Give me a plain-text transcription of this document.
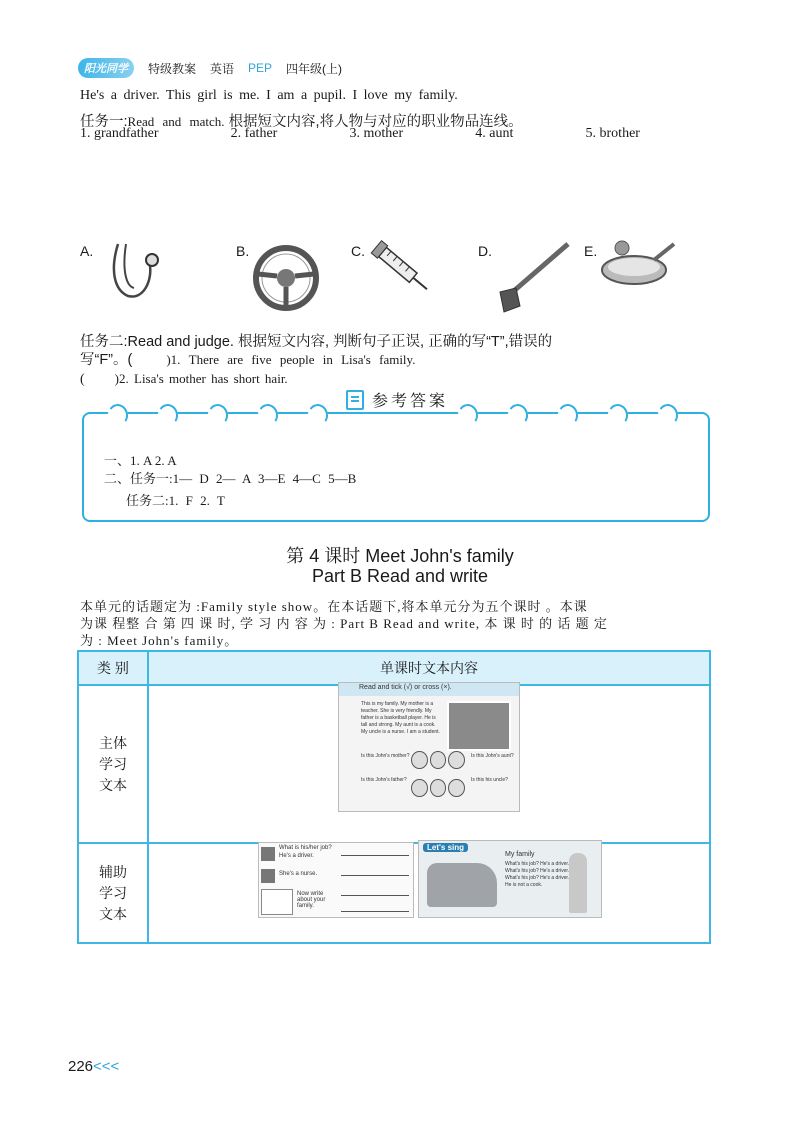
阳光同学	特级教案 英语 PEP 四年级(上)
He's a driver. This girl is me. I am a pupil. I love my family.
任务一:Read and match. 根据短文内容,将人物与对应的职业物品连线。
1. grandfather	2. father	3. mother	4. aunt	5. brother
A.	B.	C.	D.	E.
任务二:Read and judge. 根据短文内容, 判断句子正误, 正确的写“T”,错误的
写“F”。(	)1. There are five people in Lisa's family.
( )2. Lisa's mother has short hair.
参考答案
一、1. A 2. A
二、任务一:1— D 2— A 3—E 4—C 5—B
任务二:1. F 2. T
第 4 课时 Meet John's family
Part B Read and write
本单元的话题定为 :Family style show。在本话题下,将本单元分为五个课时 。本课
为课 程整 合 第 四 课 时, 学 习 内 容 为 : Part B Read and write, 本 课 时 的 话 题 定
为 : Meet John's family。
类 别	单课时文本内容

主体
学习
文本	

辅助
学习
文本	

Read and tick (√) or cross (×).
This is my family. My mother is a teacher. She is very friendly. My father is a basketball player. He is tall and strong. My aunt is a cook. My uncle is a nurse. I am a student.
Is this John's mother?	Is this John's aunt?
Is this John's father?	Is this his uncle?
What is his/her job?
He's a driver.
She's a nurse.
Now write about your family.
Let's sing
My family
What's his job? He's a driver.
What's his job? He's a driver.
What's his job? He's a driver.
He is not a cook.
226<<<
